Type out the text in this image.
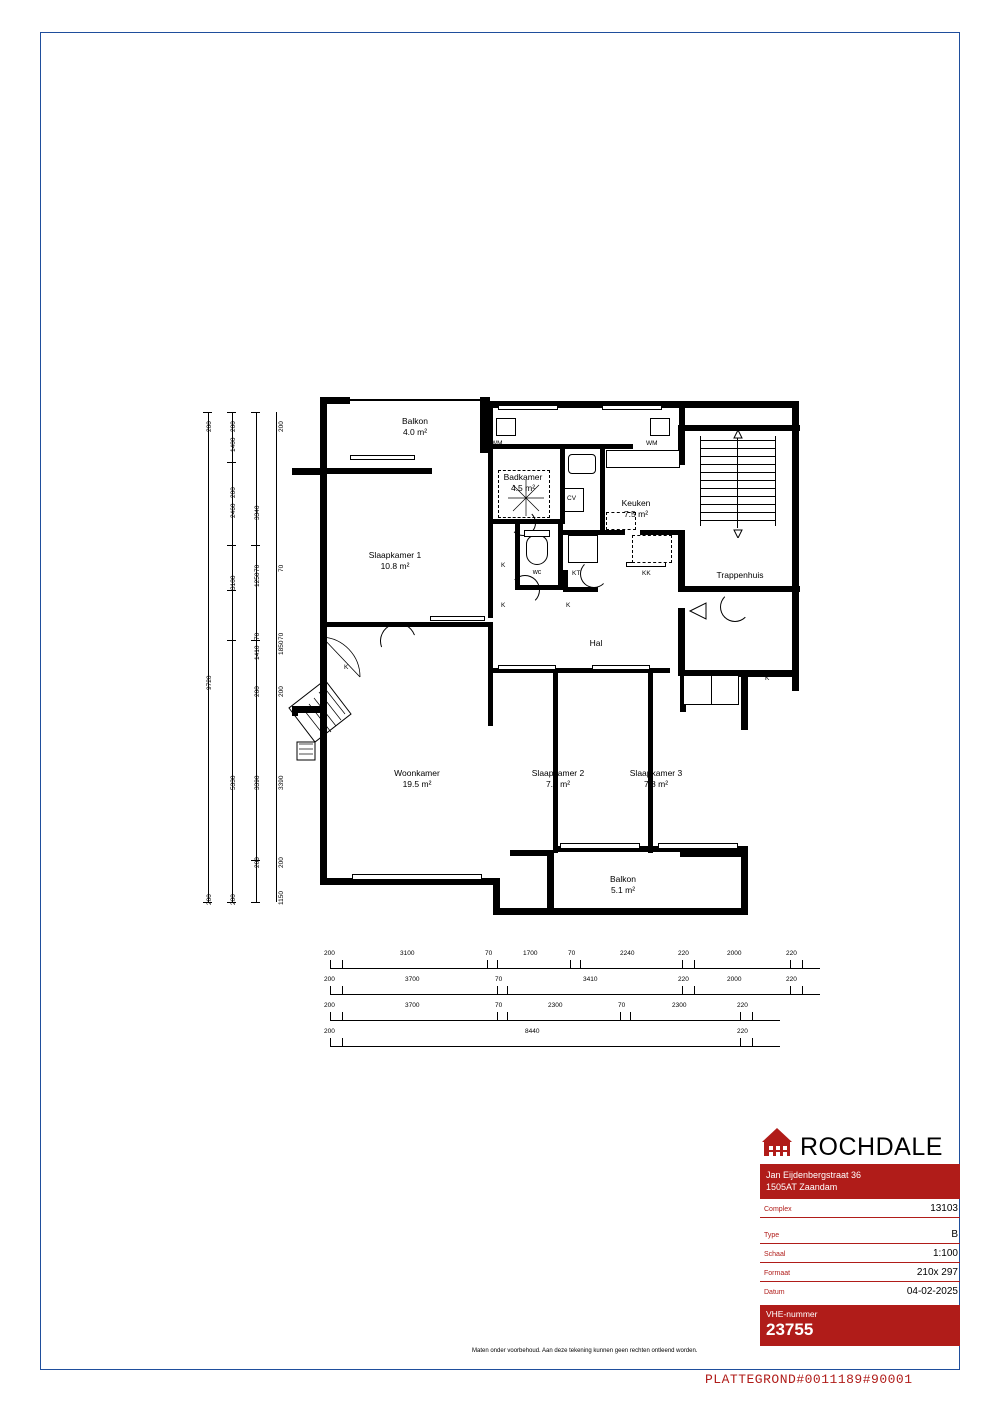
Balkon
4.0 m²
Badkamer
4.5 m²
Keuken
7.5 m²
Slaapkamer 1
10.8 m²
Trappenhuis
wc
Hal
Woonkamer
19.5 m²
Slaapkamer 2
7.8 m²
Slaapkamer 3
7.8 m²
Balkon
5.1 m²
WM	WM
KT	KK
CV
K
K	K
K
K
9720
1400
2460
1250
1410
3390
3340
1850
3390
1150
3100
5330
200	200	200
200
200
70	70
70	70
200	200
200	200
200
200	3100	70	1700	70	2240	220	2000	220
200	3700	70	3410	220	2000	220
200	3700	70	2300	70	2300	220
200	8440	220
ROCHDALE
Jan Eijdenbergstraat 36
1505AT Zaandam
Complex	13103
Type	B
Schaal	1:100
Formaat	210x 297
Datum	04-02-2025
VHE-nummer
23755
Maten onder voorbehoud. Aan deze tekening kunnen geen rechten ontleend worden.
PLATTEGROND#0011189#90001
